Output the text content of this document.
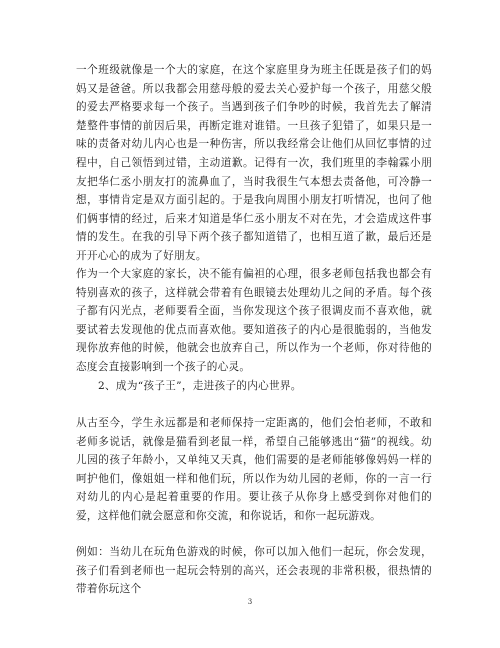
一个班级就像是一个大的家庭，在这个家庭里身为班主任既是孩子们的妈妈又是爸爸。所以我都会用慈母般的爱去关心爱护每一个孩子，用慈父般的爱去严格要求每一个孩子。当遇到孩子们争吵的时候，我首先去了解清楚整件事情的前因后果，再断定谁对谁错。一旦孩子犯错了，如果只是一味的责备对幼儿内心也是一种伤害，所以我经常会让他们从回忆事情的过程中，自己领悟到过错，主动道歉。记得有一次，我们班里的李翰霖小朋友把华仁丞小朋友打的流鼻血了，当时我很生气本想去责备他，可冷静一想，事情肯定是双方面引起的。于是我向周围小朋友打听情况，也问了他们俩事情的经过，后来才知道是华仁丞小朋友不对在先，才会造成这件事情的发生。在我的引导下两个孩子都知道错了，也相互道了歉，最后还是开开心心的成为了好朋友。
作为一个大家庭的家长，决不能有偏袒的心理，很多老师包括我也都会有特别喜欢的孩子，这样就会带着有色眼镜去处理幼儿之间的矛盾。每个孩子都有闪光点，老师要看全面，当你发现这个孩子很调皮而不喜欢他，就要试着去发现他的优点而喜欢他。要知道孩子的内心是很脆弱的，当他发现你放弃他的时候，他就会也放弃自己，所以作为一个老师，你对待他的态度会直接影响到一个孩子的心灵。
2、成为“孩子王”，走进孩子的内心世界。
从古至今，学生永远都是和老师保持一定距离的，他们会怕老师，不敢和老师多说话，就像是猫看到老鼠一样，希望自己能够逃出“猫”的视线。幼儿园的孩子年龄小，又单纯又天真，他们需要的是老师能够像妈妈一样的呵护他们，像姐姐一样和他们玩，所以作为幼儿园的老师，你的一言一行对幼儿的内心是起着重要的作用。要让孩子从你身上感受到你对他们的爱，这样他们就会愿意和你交流，和你说话，和你一起玩游戏。
例如：当幼儿在玩角色游戏的时候，你可以加入他们一起玩，你会发现，孩子们看到老师也一起玩会特别的高兴，还会表现的非常积极，很热情的带着你玩这个
3
